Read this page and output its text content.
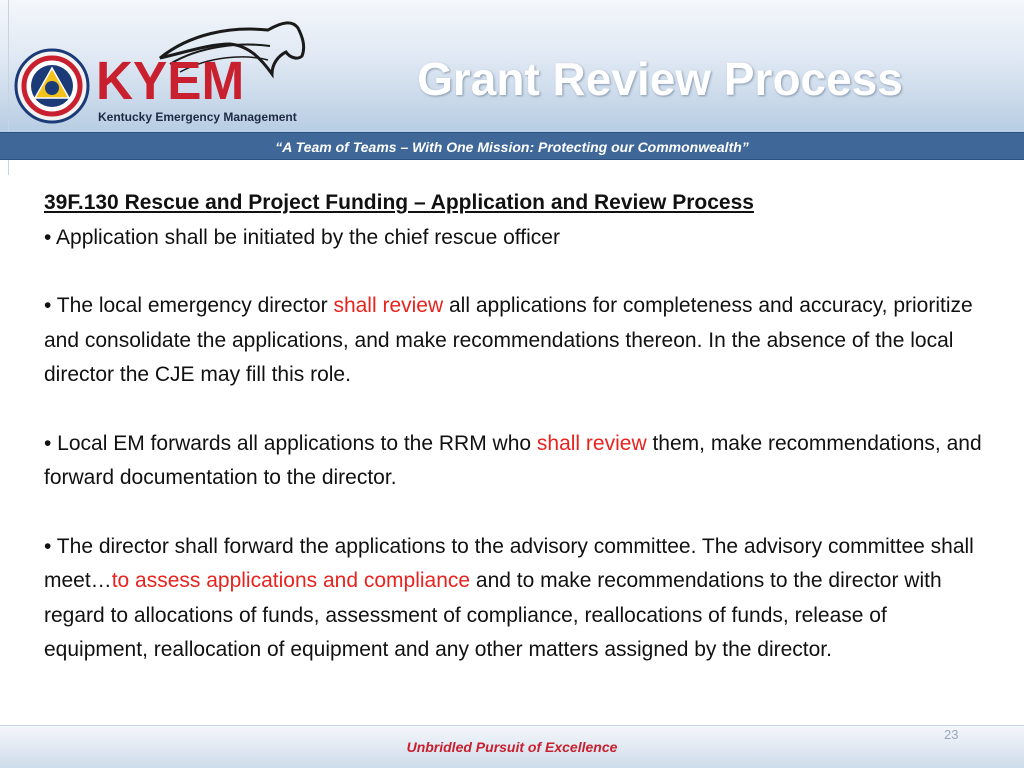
KYEM
Kentucky Emergency Management
Grant Review Process
“A Team of Teams – With One Mission: Protecting our Commonwealth”
39F.130 Rescue and Project Funding – Application and Review Process
• Application shall be initiated by the chief rescue officer
• The local emergency director shall review all applications for completeness and accuracy, prioritize and consolidate the applications, and make recommendations thereon. In the absence of the local director the CJE may fill this role.
• Local EM forwards all applications to the RRM who shall review them, make recommendations, and forward documentation to the director.
• The director shall forward the applications to the advisory committee. The advisory committee shall meet…to assess applications and compliance and to make recommendations to the director with regard to allocations of funds, assessment of compliance, reallocations of funds, release of equipment, reallocation of equipment and any other matters assigned by the director.
23
Unbridled Pursuit of Excellence
